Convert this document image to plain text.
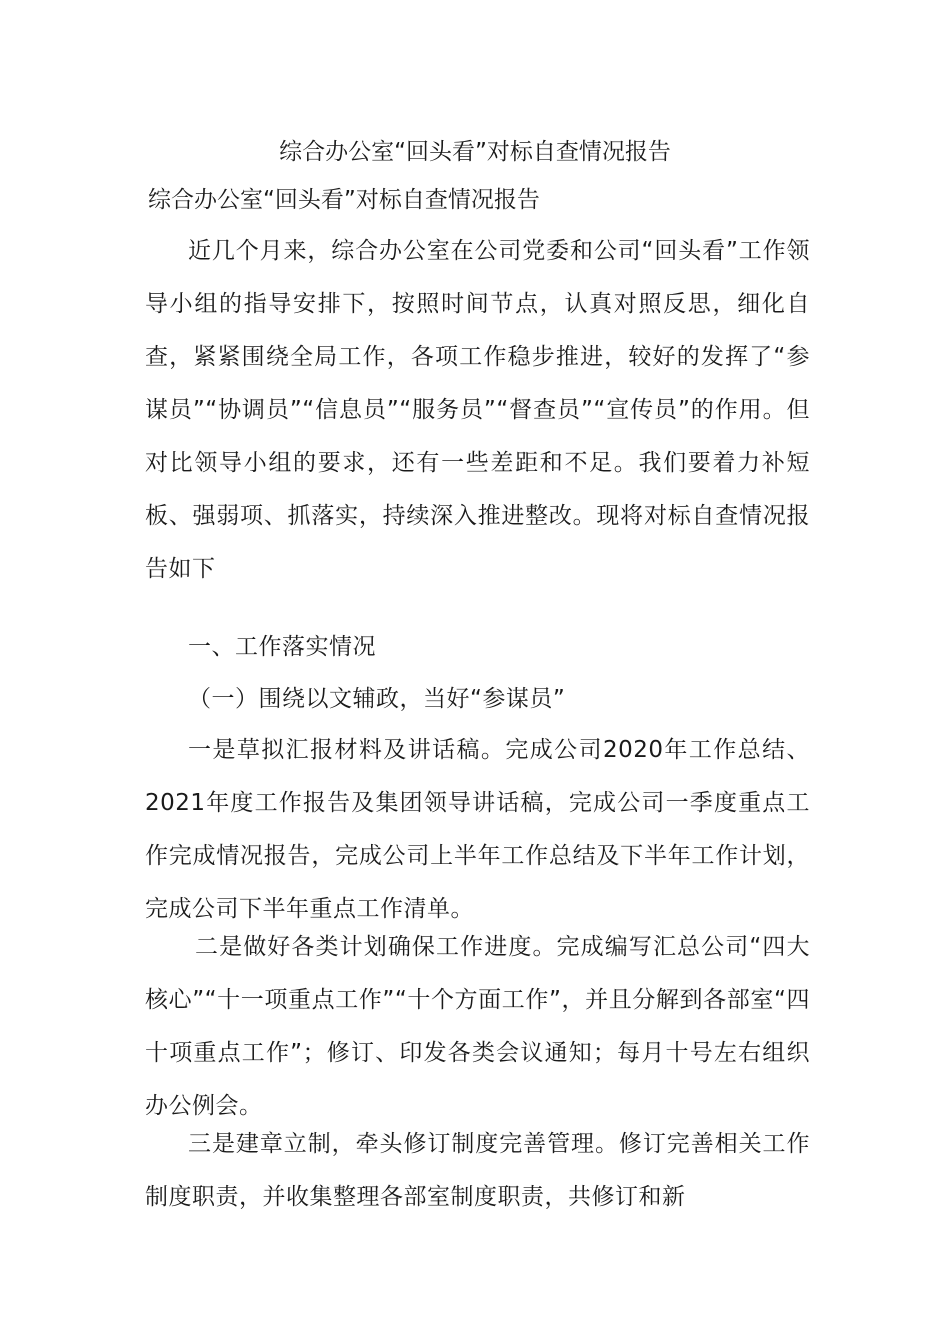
综合办公室“回头看”对标自查情况报告
综合办公室“回头看”对标自查情况报告

近几个月来，综合办公室在公司党委和公司“回头看”工作领导小组的指导安排下，按照时间节点，认真对照反思，细化自查，紧紧围绕全局工作，各项工作稳步推进，较好的发挥了“参谋员”“协调员”“信息员”“服务员”“督查员”“宣传员”的作用。但对比领导小组的要求，还有一些差距和不足。我们要着力补短板、强弱项、抓落实，持续深入推进整改。现将对标自查情况报告如下

一、工作落实情况

（一）围绕以文辅政，当好“参谋员”

一是草拟汇报材料及讲话稿。完成公司2020年工作总结、2021年度工作报告及集团领导讲话稿，完成公司一季度重点工作完成情况报告，完成公司上半年工作总结及下半年工作计划，完成公司下半年重点工作清单。

二是做好各类计划确保工作进度。完成编写汇总公司“四大核心”“十一项重点工作”“十个方面工作”，并且分解到各部室“四十项重点工作”；修订、印发各类会议通知；每月十号左右组织办公例会。

三是建章立制，牵头修订制度完善管理。修订完善相关工作制度职责，并收集整理各部室制度职责，共修订和新
